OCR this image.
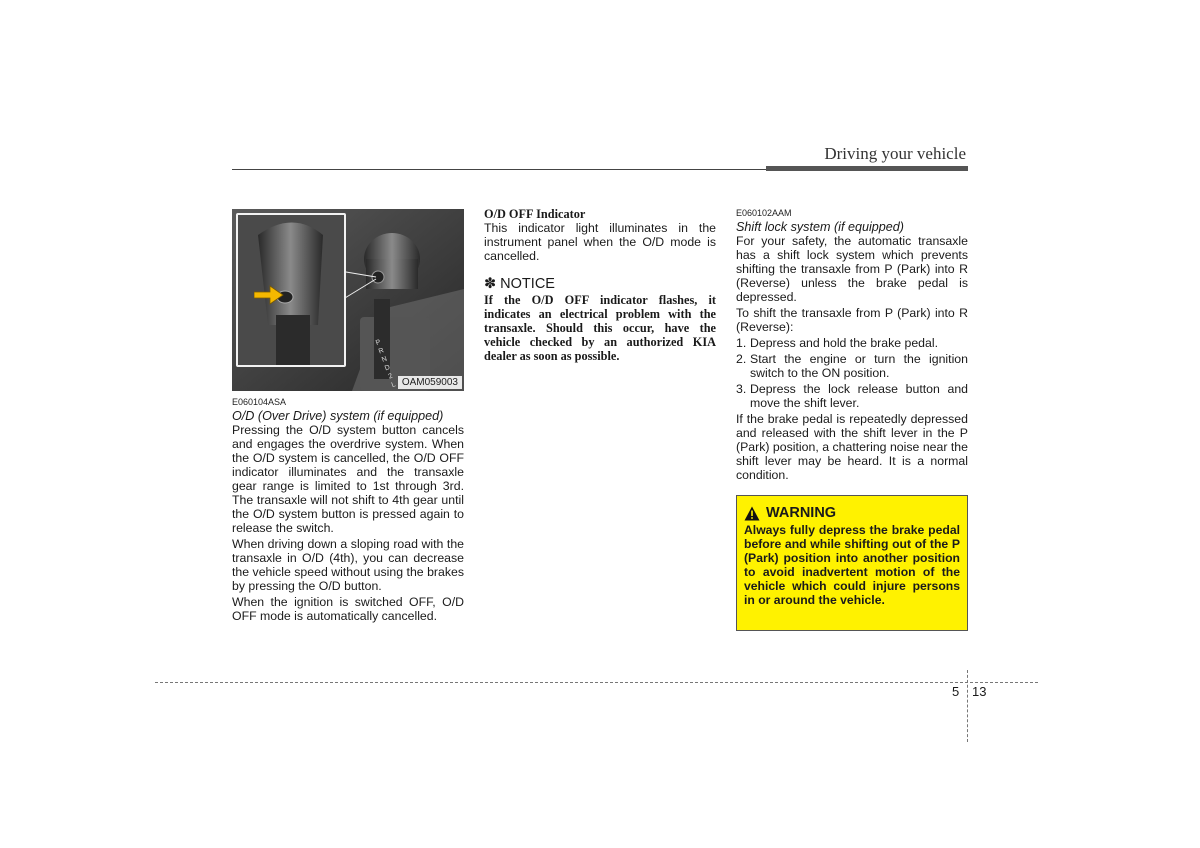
Driving your vehicle
P
R
N
D
2
L OAM059003
E060104ASA
O/D (Over Drive) system (if equipped)

Pressing the O/D system button cancels and engages the overdrive system. When the O/D system is cancelled, the O/D OFF indicator illuminates and the transaxle gear range is limited to 1st through 3rd. The transaxle will not shift to 4th gear until the O/D system button is pressed again to release the switch.

When driving down a sloping road with the transaxle in O/D (4th), you can decrease the vehicle speed without using the brakes by pressing the O/D button.

When the ignition is switched OFF, O/D OFF mode is automatically cancelled.

O/D OFF Indicator

This indicator light illuminates in the instrument panel when the O/D mode is cancelled.

✽ NOTICE
If the O/D OFF indicator flashes, it indicates an electrical problem with the transaxle. Should this occur, have the vehicle checked by an authorized KIA dealer as soon as possible.
E060102AAM
Shift lock system (if equipped)

For your safety, the automatic transaxle has a shift lock system which prevents shifting the transaxle from P (Park) into R (Reverse) unless the brake pedal is depressed.

To shift the transaxle from P (Park) into R (Reverse):

1. Depress and hold the brake pedal.
2. Start the engine or turn the ignition switch to the ON position.
3. Depress the lock release button and move the shift lever.

If the brake pedal is repeatedly depressed and released with the shift lever in the P (Park) position, a chattering noise near the shift lever may be heard. It is a normal condition.

WARNING
Always fully depress the brake pedal before and while shifting out of the P (Park) position into another position to avoid inadvertent motion of the vehicle which could injure persons in or around the vehicle.
5 13
